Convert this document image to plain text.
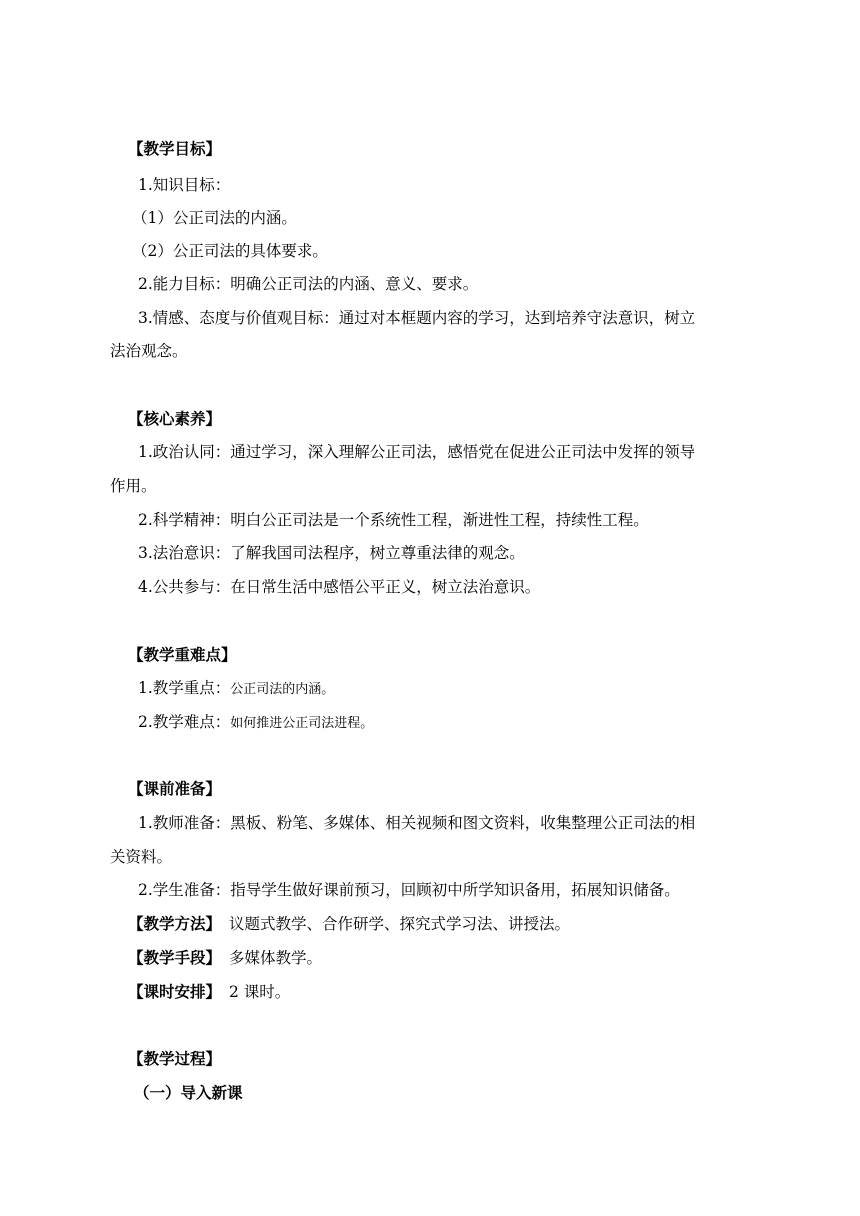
【教学目标】
1.知识目标：
（1）公正司法的内涵。
（2）公正司法的具体要求。
2.能力目标：明确公正司法的内涵、意义、要求。
3.情感、态度与价值观目标：通过对本框题内容的学习，达到培养守法意识，树立
法治观念。
【核心素养】
1.政治认同：通过学习，深入理解公正司法，感悟党在促进公正司法中发挥的领导
作用。
2.科学精神：明白公正司法是一个系统性工程，渐进性工程，持续性工程。
3.法治意识：了解我国司法程序，树立尊重法律的观念。
4.公共参与：在日常生活中感悟公平正义，树立法治意识。
【教学重难点】
1.教学重点：公正司法的内涵。
2.教学难点：如何推进公正司法进程。
【课前准备】
1.教师准备：黑板、粉笔、多媒体、相关视频和图文资料，收集整理公正司法的相
关资料。
2.学生准备：指导学生做好课前预习，回顾初中所学知识备用，拓展知识储备。
【教学方法】 议题式教学、合作研学、探究式学习法、讲授法。
【教学手段】 多媒体教学。
【课时安排】 2 课时。
【教学过程】
（一）导入新课
